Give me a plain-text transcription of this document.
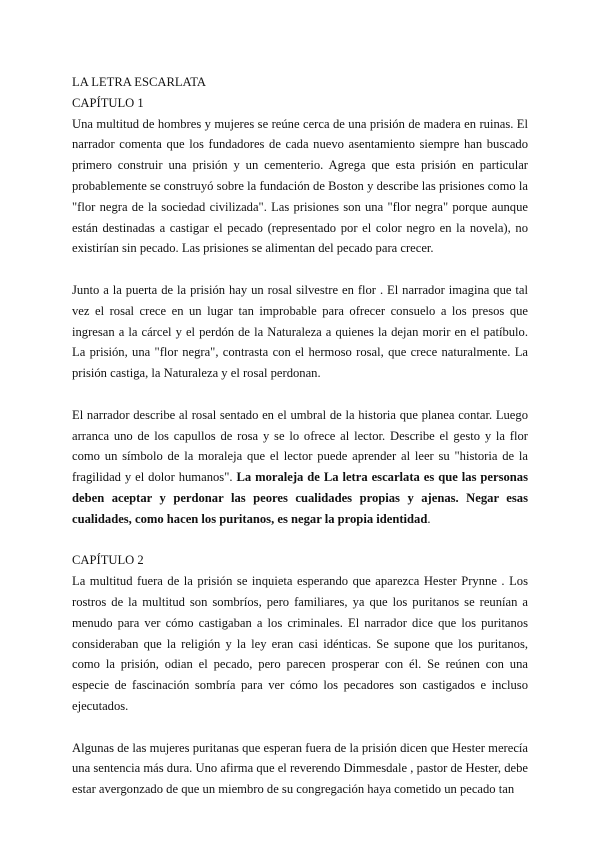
LA LETRA ESCARLATA

CAPÍTULO 1

Una multitud de hombres y mujeres se reúne cerca de una prisión de madera en ruinas. El narrador comenta que los fundadores de cada nuevo asentamiento siempre han buscado primero construir una prisión y un cementerio. Agrega que esta prisión en particular probablemente se construyó sobre la fundación de Boston y describe las prisiones como la "flor negra de la sociedad civilizada". Las prisiones son una "flor negra" porque aunque están destinadas a castigar el pecado (representado por el color negro en la novela), no existirían sin pecado. Las prisiones se alimentan del pecado para crecer.

Junto a la puerta de la prisión hay un rosal silvestre en flor . El narrador imagina que tal vez el rosal crece en un lugar tan improbable para ofrecer consuelo a los presos que ingresan a la cárcel y el perdón de la Naturaleza a quienes la dejan morir en el patíbulo. La prisión, una "flor negra", contrasta con el hermoso rosal, que crece naturalmente. La prisión castiga, la Naturaleza y el rosal perdonan.

El narrador describe al rosal sentado en el umbral de la historia que planea contar. Luego arranca uno de los capullos de rosa y se lo ofrece al lector. Describe el gesto y la flor como un símbolo de la moraleja que el lector puede aprender al leer su "historia de la fragilidad y el dolor humanos". La moraleja de La letra escarlata es que las personas deben aceptar y perdonar las peores cualidades propias y ajenas. Negar esas cualidades, como hacen los puritanos, es negar la propia identidad.

CAPÍTULO 2

La multitud fuera de la prisión se inquieta esperando que aparezca Hester Prynne . Los rostros de la multitud son sombríos, pero familiares, ya que los puritanos se reunían a menudo para ver cómo castigaban a los criminales. El narrador dice que los puritanos consideraban que la religión y la ley eran casi idénticas. Se supone que los puritanos, como la prisión, odian el pecado, pero parecen prosperar con él. Se reúnen con una especie de fascinación sombría para ver cómo los pecadores son castigados e incluso ejecutados.

Algunas de las mujeres puritanas que esperan fuera de la prisión dicen que Hester merecía una sentencia más dura. Uno afirma que el reverendo Dimmesdale , pastor de Hester, debe estar avergonzado de que un miembro de su congregación haya cometido un pecado tan
